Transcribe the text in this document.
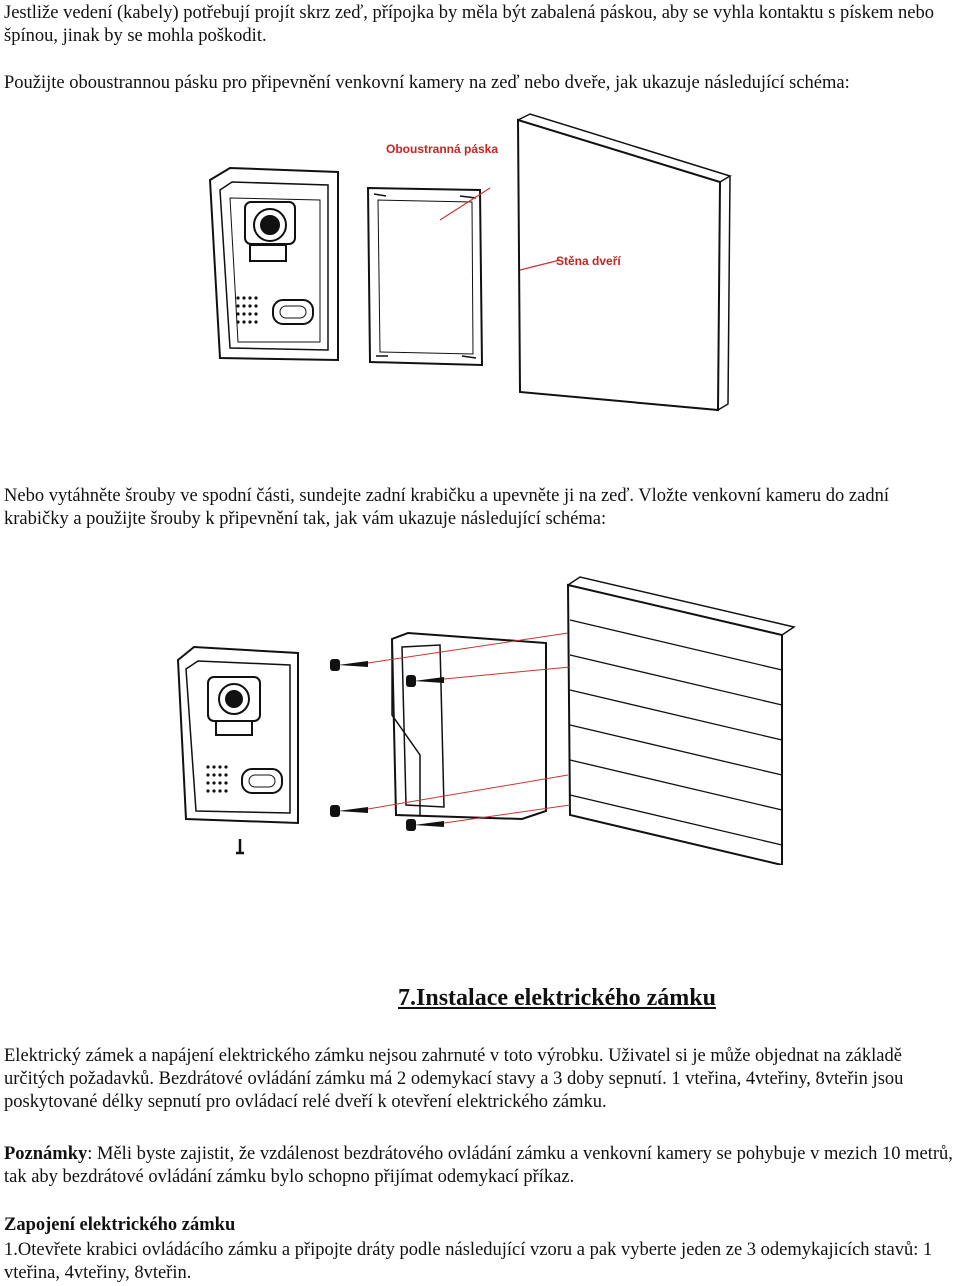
Jestliže vedení (kabely) potřebují projít skrz zeď, přípojka by měla být zabalená páskou, aby se vyhla kontaktu s pískem nebo špínou, jinak by se mohla poškodit.

Použijte oboustrannou pásku pro připevnění venkovní kamery na zeď nebo dveře, jak ukazuje následující schéma:

Oboustranná páska
Stěna dveří

Nebo vytáhněte šrouby ve spodní části, sundejte zadní krabičku a upevněte ji na zeď. Vložte venkovní kameru do zadní krabičky a použijte šrouby k připevnění tak, jak vám ukazuje následující schéma:

7.Instalace elektrického zámku

Elektrický zámek a napájení elektrického zámku nejsou zahrnuté v toto výrobku. Uživatel si je může objednat na základě určitých požadavků. Bezdrátové ovládání zámku má 2 odemykací stavy a 3 doby sepnutí. 1 vteřina, 4vteřiny, 8vteřin jsou poskytované délky sepnutí pro ovládací relé dveří k otevření elektrického zámku.

Poznámky: Měli byste zajistit, že vzdálenost bezdrátového ovládání zámku a venkovní kamery se pohybuje v mezich 10 metrů, tak aby bezdrátové ovládání zámku bylo schopno přijímat odemykací příkaz.

Zapojení elektrického zámku

1.Otevřete krabici ovládácího zámku a připojte dráty podle následující vzoru a pak vyberte jeden ze 3 odemykajicích stavů: 1 vteřina, 4vteřiny, 8vteřin.
